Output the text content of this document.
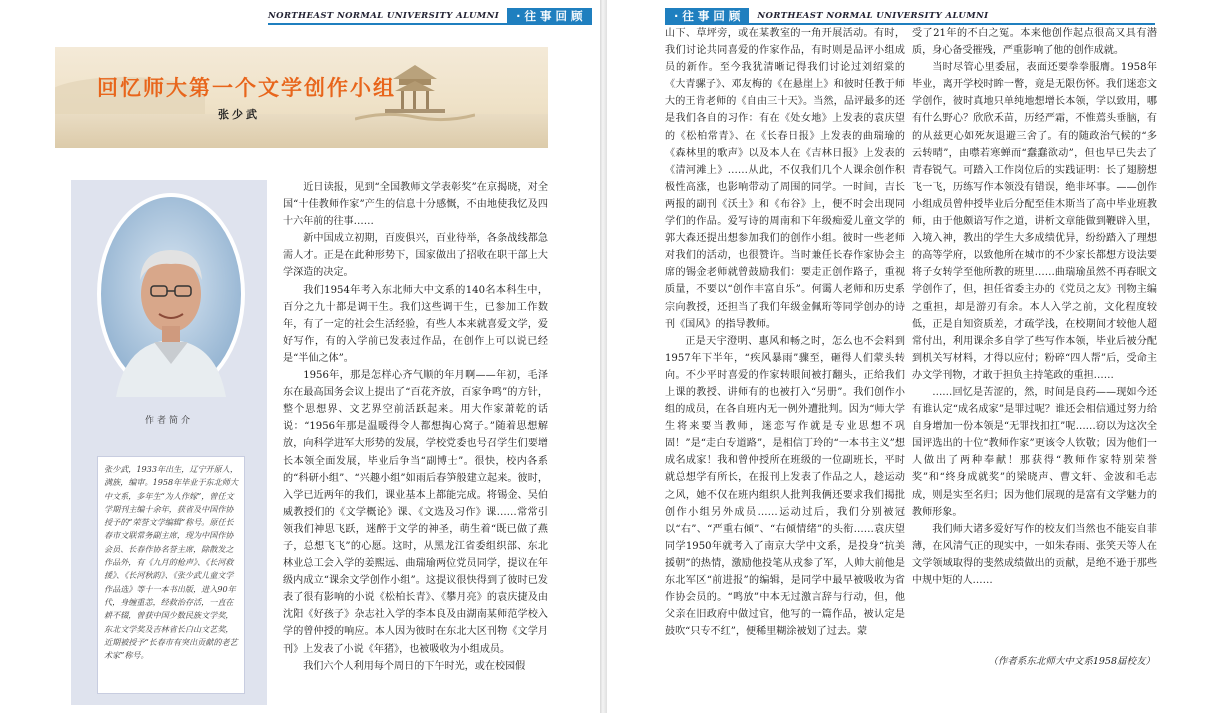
NORTHEAST NORMAL UNIVERSITY ALUMNI	· 往 事 回 顾
回忆师大第一个文学创作小组
张少武
作者简介
张少武，1933年出生，辽宁开原人，满族，编审。1958年毕业于东北师大中文系，多年生“为人作嫁”，曾任文学期刊主编十余年，获省及中国作协授予的“荣誉文学编辑”称号。原任长春市文联常务副主席，现为中国作协会员、长春作协名誉主席，除散发之作品外，有《九月的枪声》、《长河救援》、《长河秋韵》、《张少武儿童文学作品选》等十一本书出版，进入90年代，身缠重恙，经救治存活，一直在耕不辍，曾获中国少数民族文学奖，东北文学奖及吉林省长白山文艺奖，近期被授予“长春市有突出贡献的老艺术家”称号。

近日读报，见到“全国教师文学表彰奖”在京揭晓，对全国“十佳教师作家”产生的信息十分感慨，不由地使我忆及四十六年前的往事……

新中国成立初期，百废俱兴，百业待举，各条战线都急需人才。正是在此种形势下，国家做出了招收在职干部上大学深造的决定。

我们1954年考入东北师大中文系的140名本科生中，百分之九十都是调干生。我们这些调干生，已参加工作数年，有了一定的社会生活经验，有些人本来就喜爱文学，爱好写作，有的入学前已发表过作品，在创作上可以说已经是“半仙之体”。

1956年，那是怎样心齐气顺的年月啊——年初，毛泽东在最高国务会议上提出了“百花齐放，百家争鸣”的方针，整个思想界、文艺界空前活跃起来。用大作家萧乾的话说：“1956年那是温暖得令人都想掏心窝子。”随着思想解放，向科学进军大形势的发展，学校党委也号召学生们要增长本领全面发展，毕业后争当“副博士”。很快，校内各系的“科研小组”、“兴趣小组”如雨后春笋般建立起来。彼时，入学已近两年的我们，课业基本上都能完成。将锡金、吴伯威教授们的《文学概论》课、《文选及习作》课……常常引领我们神思飞跃，迷醉于文学的神圣，萌生着“既已做了燕子，总想飞飞”的心愿。这时，从黑龙江省委组织部、东北林业总工会入学的姜熙远、曲瑞瑜两位党员同学，提议在年级内成立“课余文学创作小组”。这提议很快得到了彼时已发表了很有影响的小说《松柏长青》、《攀月亮》的袁庆捷及由沈阳《好孩子》杂志社入学的李本良及由湖南某师范学校入学的曾仲授的响应。本人因为彼时在东北大区刊物《文学月刊》上发表了小说《年猪》，也被吸收为小组成员。

我们六个人利用每个周日的下午时光，或在校园假

· 往 事 回 顾	NORTHEAST NORMAL UNIVERSITY ALUMNI

山下、草坪旁，或在某教室的一角开展活动。有时，我们讨论共同喜爱的作家作品，有时则是品评小组成员的新作。至今我犹清晰记得我们讨论过刘绍棠的《大青骡子》、邓友梅的《在悬崖上》和彼时任教于师大的王肯老师的《自由三十天》。当然，品评最多的还是我们各自的习作：有在《处女地》上发表的袁庆望的《松柏常青》、在《长春日报》上发表的曲瑞瑜的《森林里的歌声》以及本人在《吉林日报》上发表的《清河滩上》……从此，不仅我们几个人课余创作积极性高涨，也影响带动了周围的同学。一时间，吉长两报的副刊《沃土》和《布谷》上，便不时会出现同学们的作品。爱写诗的周南和下年级痴爱儿童文学的郭大森还提出想参加我们的创作小组。彼时一些老师对我们的活动，也很赞许。当时兼任长春作家协会主席的锡金老师就曾鼓励我们：要走正创作路子，重视质量，不要以“创作丰富自乐”。何霭人老师和历史系宗向教授，还担当了我们年级金佩珩等同学创办的诗刊《国风》的指导教师。

正是天宇澄明、惠风和畅之时，怎么也不会料到1957年下半年，“疾风暴雨”骤至，砸得人们蒙头转向。不少平时喜爱的作家转眼间被打翻头，正给我们上课的教授、讲师有的也被打入“另册”。我们创作小组的成员，在各自班内无一例外遭批判。因为“师大学生将来要当教师，迷恋写作就是专业思想不巩固！”是“走白专道路”，是相信丁玲的“一本书主义”想成名成家！我和曾仲授所在班级的一位副班长，平时就总想学有所长，在报刊上发表了作品之人，趁运动之风，她不仅在班内组织人批判我俩还要求我们揭批创作小组另外成员……运动过后，我们分别被冠以“右”、“严重右倾”、“右倾情绪”的头衔……袁庆望同学1950年就考入了南京大学中文系，是投身“抗美援朝”的热情，激励他投笔从戎参了军，人帅大前他是东北军区“前进报”的编辑，是同学中最早被吸收为省作协会员的。“鸣放”中本无过激言辞与行动，但，他父亲在旧政府中做过官，他写的一篇作品，被认定是鼓吹“只专不红”，便稀里糊涂被划了过去。蒙

受了21年的不白之冤。本来他创作起点很高又具有潜质，身心备受摧残，严重影响了他的创作成就。

当时尽管心里委屈，表面还要拳拳服膺。1958年毕业，离开学校时眸一瞥，竟是无限伤怀。我们迷恋文学创作，彼时真地只单纯地想增长本领，学以致用，哪有什么野心？欣欣禾苗，历经严霜，不惟蔫头垂脑，有的从兹更心如死灰退避三舍了。有的随政治气候的“多云转晴”，由噤若寒蝉而“蠢蠢欲动”，但也早已失去了青春锐气。可踏入工作岗位后的实践证明：长了翅膀想飞一飞，历练写作本领没有错误，绝非坏事。——创作小组成员曾仲授毕业后分配至佳木斯当了高中毕业班教师，由于他颇谙写作之道，讲析文章能做到鞭辟入里，入境入神，教出的学生大多成绩优异，纷纷踏入了理想的高等学府，以致他所在城市的不少家长都想方设法要将子女转学至他所教的班里……曲瑞瑜虽然不再春眠文学创作了，但，担任省委主办的《党员之友》刊物主编之重担，却是游刃有余。本人入学之前，文化程度较低，正是自知资质差，才疏学浅，在校期间才较他人超常付出，利用课余多自学了些写作本领，毕业后被分配到机关写材料，才得以应付；粉碎“四人帮”后，受命主办文学刊物，才敢于担负主持笔政的重担……

……回忆是苦涩的，然，时间是良药——现如今还有谁认定“成名成家”是罪过呢？谁还会相信通过努力给自身增加一份本领是“无罪找扣扛”呢……窃以为这次全国评选出的十位“教师作家”更该令人钦敬；因为他们一人做出了两种奉献！那获得“教师作家特别荣誉奖”和“终身成就奖”的梁晓声、曹文轩、金波和毛志成，则是实至名归；因为他们展现的是富有文学魅力的教师形象。

我们师大诸多爱好写作的校友们当然也不能妄自菲薄，在风清气正的现实中，一如朱春雨、张笑天等人在文学领域取得的斐然成绩做出的贡献，是绝不逊于那些中规中矩的人……

（作者系东北师大中文系1958届校友）
